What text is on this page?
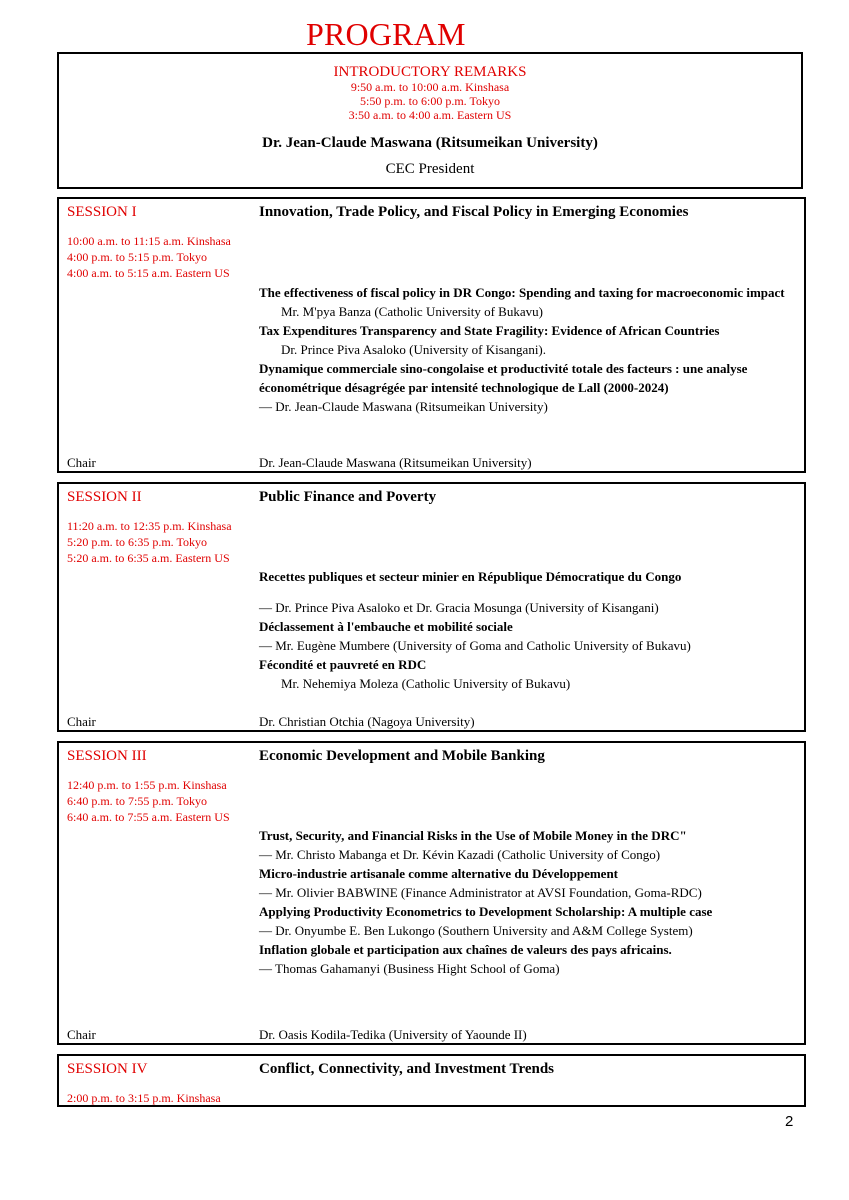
PROGRAM
INTRODUCTORY REMARKS
9:50 a.m. to 10:00 a.m. Kinshasa
5:50 p.m. to 6:00 p.m. Tokyo
3:50 a.m. to 4:00 a.m. Eastern US
Dr. Jean-Claude Maswana (Ritsumeikan University)
CEC President
SESSION I	Innovation, Trade Policy, and Fiscal Policy in Emerging Economies
10:00 a.m. to 11:15 a.m. Kinshasa
4:00 p.m. to 5:15 p.m. Tokyo
4:00 a.m. to 5:15 a.m. Eastern US
The effectiveness of fiscal policy in DR Congo: Spending and taxing for macroeconomic impact
Mr. M'pya Banza (Catholic University of Bukavu)
Tax Expenditures Transparency and State Fragility: Evidence of African Countries
Dr. Prince Piva Asaloko (University of Kisangani).
Dynamique commerciale sino-congolaise et productivité totale des facteurs : une analyse économétrique désagrégée par intensité technologique de Lall (2000-2024)
— Dr. Jean-Claude Maswana (Ritsumeikan University)
Chair	Dr. Jean-Claude Maswana (Ritsumeikan University)
SESSION II	Public Finance and Poverty
11:20 a.m. to 12:35 p.m. Kinshasa
5:20 p.m. to 6:35 p.m. Tokyo
5:20 a.m. to 6:35 a.m. Eastern US
Recettes publiques et secteur minier en République Démocratique du Congo
— Dr. Prince Piva Asaloko et Dr. Gracia Mosunga (University of Kisangani)
Déclassement à l'embauche et mobilité sociale
— Mr. Eugène Mumbere (University of Goma and Catholic University of Bukavu)
Fécondité et pauvreté en RDC
Mr. Nehemiya Moleza (Catholic University of Bukavu)
Chair	Dr. Christian Otchia (Nagoya University)
SESSION III	Economic Development and Mobile Banking
12:40 p.m. to 1:55 p.m. Kinshasa
6:40 p.m. to 7:55 p.m. Tokyo
6:40 a.m. to 7:55 a.m. Eastern US
Trust, Security, and Financial Risks in the Use of Mobile Money in the DRC"
— Mr. Christo Mabanga et Dr. Kévin Kazadi (Catholic University of Congo)
Micro-industrie artisanale comme alternative du Développement
— Mr. Olivier BABWINE (Finance Administrator at AVSI Foundation, Goma-RDC)
Applying Productivity Econometrics to Development Scholarship: A multiple case
— Dr. Onyumbe E. Ben Lukongo (Southern University and A&M College System)
Inflation globale et participation aux chaînes de valeurs des pays africains.
— Thomas Gahamanyi (Business Hight School of Goma)
Chair	Dr. Oasis Kodila-Tedika (University of Yaounde II)
SESSION IV	Conflict, Connectivity, and Investment Trends
2:00 p.m. to 3:15 p.m. Kinshasa
2
